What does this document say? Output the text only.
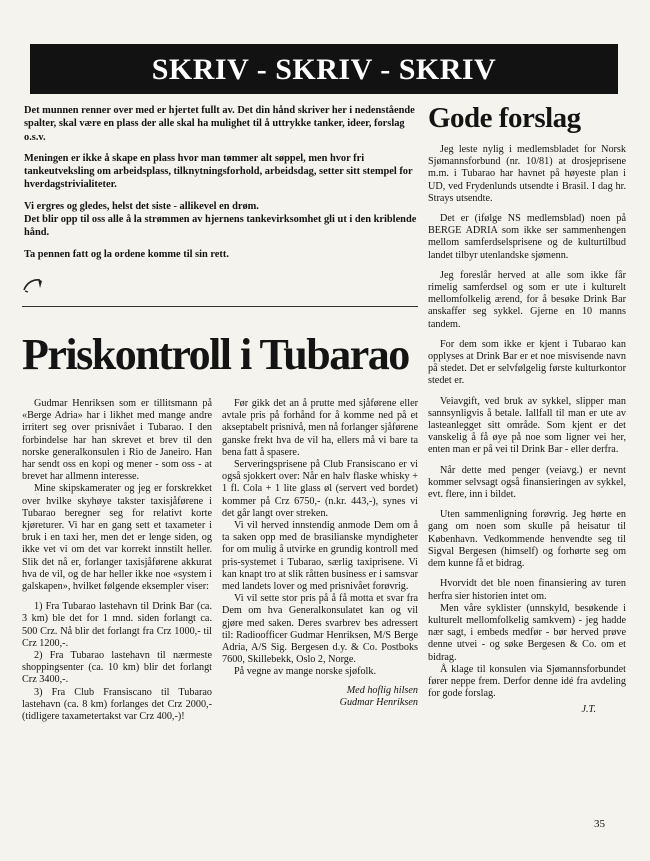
SKRIV - SKRIV - SKRIV

Det munnen renner over med er hjertet fullt av. Det din hånd skriver her i nedenstående spalter, skal være en plass der alle skal ha mulighet til å uttrykke tanker, ideer, forslag o.s.v.

Meningen er ikke å skape en plass hvor man tømmer alt søppel, men hvor fri tankeutveksling om arbeidsplass, tilknytningsforhold, arbeidsdag, setter sitt stempel for hverdagstrivialiteter.

Vi ergres og gledes, helst det siste - allikevel en drøm.
Det blir opp til oss alle å la strømmen av hjernens tankevirksomhet gli ut i den kriblende hånd.

Ta pennen fatt og la ordene komme til sin rett.

Priskontroll i Tubarao

Gudmar Henriksen som er tillitsmann på «Berge Adria» har i likhet med mange andre irritert seg over prisnivået i Tubarao. I den forbindelse har han skrevet et brev til den norske generalkonsulen i Rio de Janeiro. Han har sendt oss en kopi og mener - som oss - at brevet har allmenn interesse.

Mine skipskamerater og jeg er forskrekket over hvilke skyhøye takster taxisjåførene i Tubarao beregner seg for relativt korte kjøreturer. Vi har en gang sett et taxameter i bruk i en taxi her, men det er lenge siden, og ikke vet vi om det var korrekt innstilt heller. Slik det nå er, forlanger taxisjåførene akkurat hva de vil, og de har heller ikke noe «system i galskapen», hvilket følgende eksempler viser:

1) Fra Tubarao lastehavn til Drink Bar (ca. 3 km) ble det for 1 mnd. siden forlangt ca. 500 Crz. Nå blir det forlangt fra Crz 1000,- til Crz 1200,-.

2) Fra Tubarao lastehavn til nærmeste shoppingsenter (ca. 10 km) blir det forlangt Crz 3400,-.

3) Fra Club Fransiscano til Tubarao lastehavn (ca. 8 km) forlanges det Crz 2000,- (tidligere taxametertakst var Crz 400,-)!

Før gikk det an å prutte med sjåførene eller avtale pris på forhånd for å komme ned på et akseptabelt prisnivå, men nå forlanger sjåførene ganske frekt hva de vil ha, ellers må vi bare ta bena fatt å spasere.

Serveringsprisene på Club Fransiscano er vi også sjokkert over: Når en halv flaske whisky + 1 fl. Cola + 1 lite glass øl (servert ved bordet) kommer på Crz 6750,- (n.kr. 443,-), synes vi det går langt over streken.

Vi vil herved innstendig anmode Dem om å ta saken opp med de brasilianske myndigheter for om mulig å utvirke en grundig kontroll med pris-systemet i Tubarao, særlig taxiprisene. Vi kan knapt tro at slik råtten business er i samsvar med landets lover og med prisnivået forøvrig.

Vi vil sette stor pris på å få motta et svar fra Dem om hva Generalkonsulatet kan og vil gjøre med saken. Deres svarbrev bes adressert til: Radioofficer Gudmar Henriksen, M/S Berge Adria, A/S Sig. Bergesen d.y. & Co. Postboks 7600, Skillebekk, Oslo 2, Norge.

På vegne av mange norske sjøfolk.

Med hoflig hilsen

Gudmar Henriksen

Gode forslag

Jeg leste nylig i medlemsbladet for Norsk Sjømannsforbund (nr. 10/81) at drosjeprisene m.m. i Tubarao har havnet på høyeste plan i UD, ved Frydenlunds utsendte i Brasil. I dag hr. Strays utsendte.

Det er (ifølge NS medlemsblad) noen på BERGE ADRIA som ikke ser sammenhengen mellom samferdselsprisene og de kulturtilbud landet tilbyr utenlandske sjømenn.

Jeg foreslår herved at alle som ikke får rimelig samferdsel og som er ute i kulturelt mellomfolkelig ærend, for å besøke Drink Bar anskaffer seg sykkel. Gjerne en 10 manns tandem.

For dem som ikke er kjent i Tubarao kan opplyses at Drink Bar er et noe misvisende navn på stedet. Det er selvfølgelig første kulturkontor stedet er.

Veiavgift, ved bruk av sykkel, slipper man sannsynligvis å betale. Iallfall til man er ute av lasteanlegget sitt område. Som kjent er det vanskelig å få øye på noe som ligner vei her, enten man er på vei til Drink Bar - eller derfra.

Når dette med penger (veiavg.) er nevnt kommer selvsagt også finansieringen av sykkel, evt. flere, inn i bildet.

Uten sammenligning forøvrig. Jeg hørte en gang om noen som skulle på heisatur til København. Vedkommende henvendte seg til Sigval Bergesen (himself) og forhørte seg om dem kunne få et bidrag.

Hvorvidt det ble noen finansiering av turen herfra sier historien intet om.

Men våre syklister (unnskyld, besøkende i kulturelt mellomfolkelig samkvem) - jeg hadde nær sagt, i embeds medfør - bør herved prøve denne utvei - og søke Bergesen & Co. om et bidrag.

Å klage til konsulen via Sjømannsforbundet fører neppe frem. Derfor denne idé fra avdeling for gode forslag.

J.T.

35
